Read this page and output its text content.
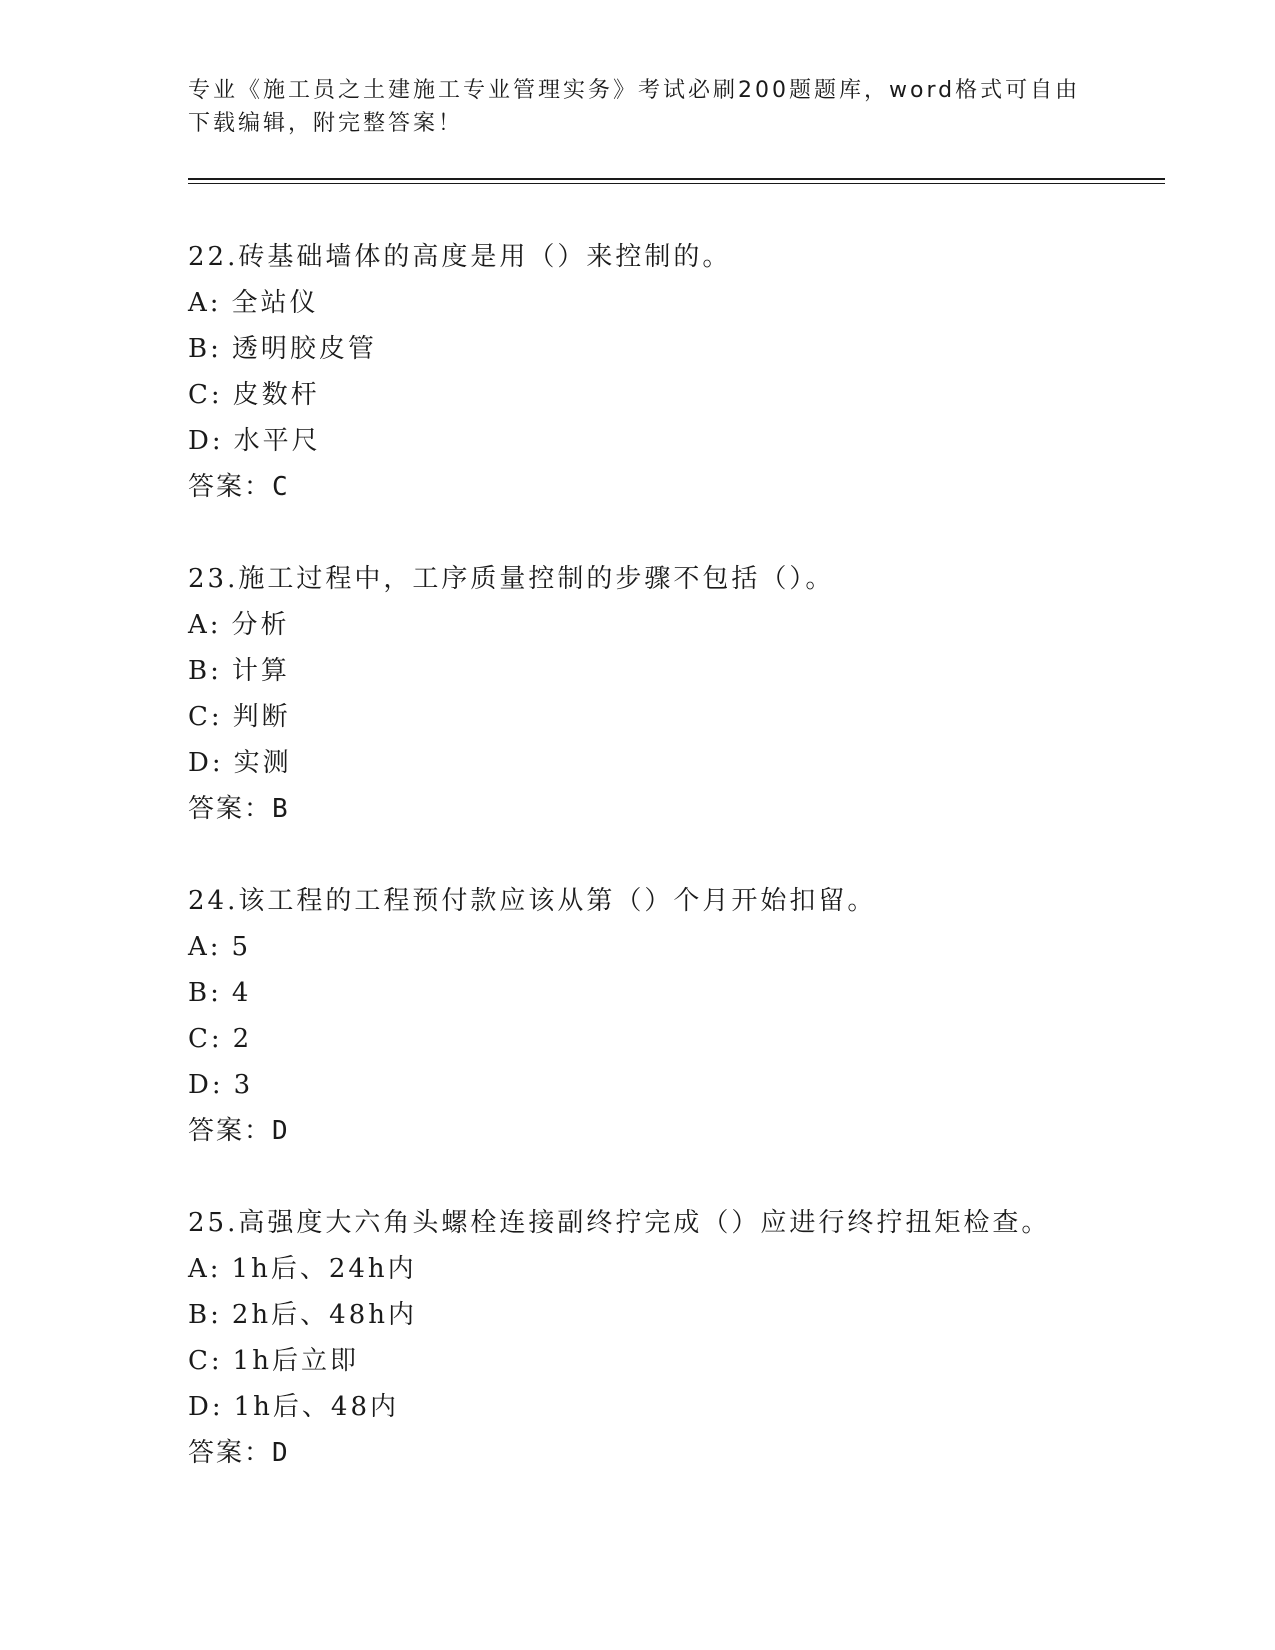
专业《施工员之土建施工专业管理实务》考试必刷200题题库，word格式可自由
下载编辑，附完整答案！
22.砖基础墙体的高度是用（）来控制的。
A: 全站仪
B: 透明胶皮管
C: 皮数杆
D: 水平尺
答案：C
23.施工过程中，工序质量控制的步骤不包括（）。
A: 分析
B: 计算
C: 判断
D: 实测
答案：B
24.该工程的工程预付款应该从第（）个月开始扣留。
A: 5
B: 4
C: 2
D: 3
答案：D
25.高强度大六角头螺栓连接副终拧完成（）应进行终拧扭矩检查。
A: 1h后、24h内
B: 2h后、48h内
C: 1h后立即
D: 1h后、48内
答案：D
